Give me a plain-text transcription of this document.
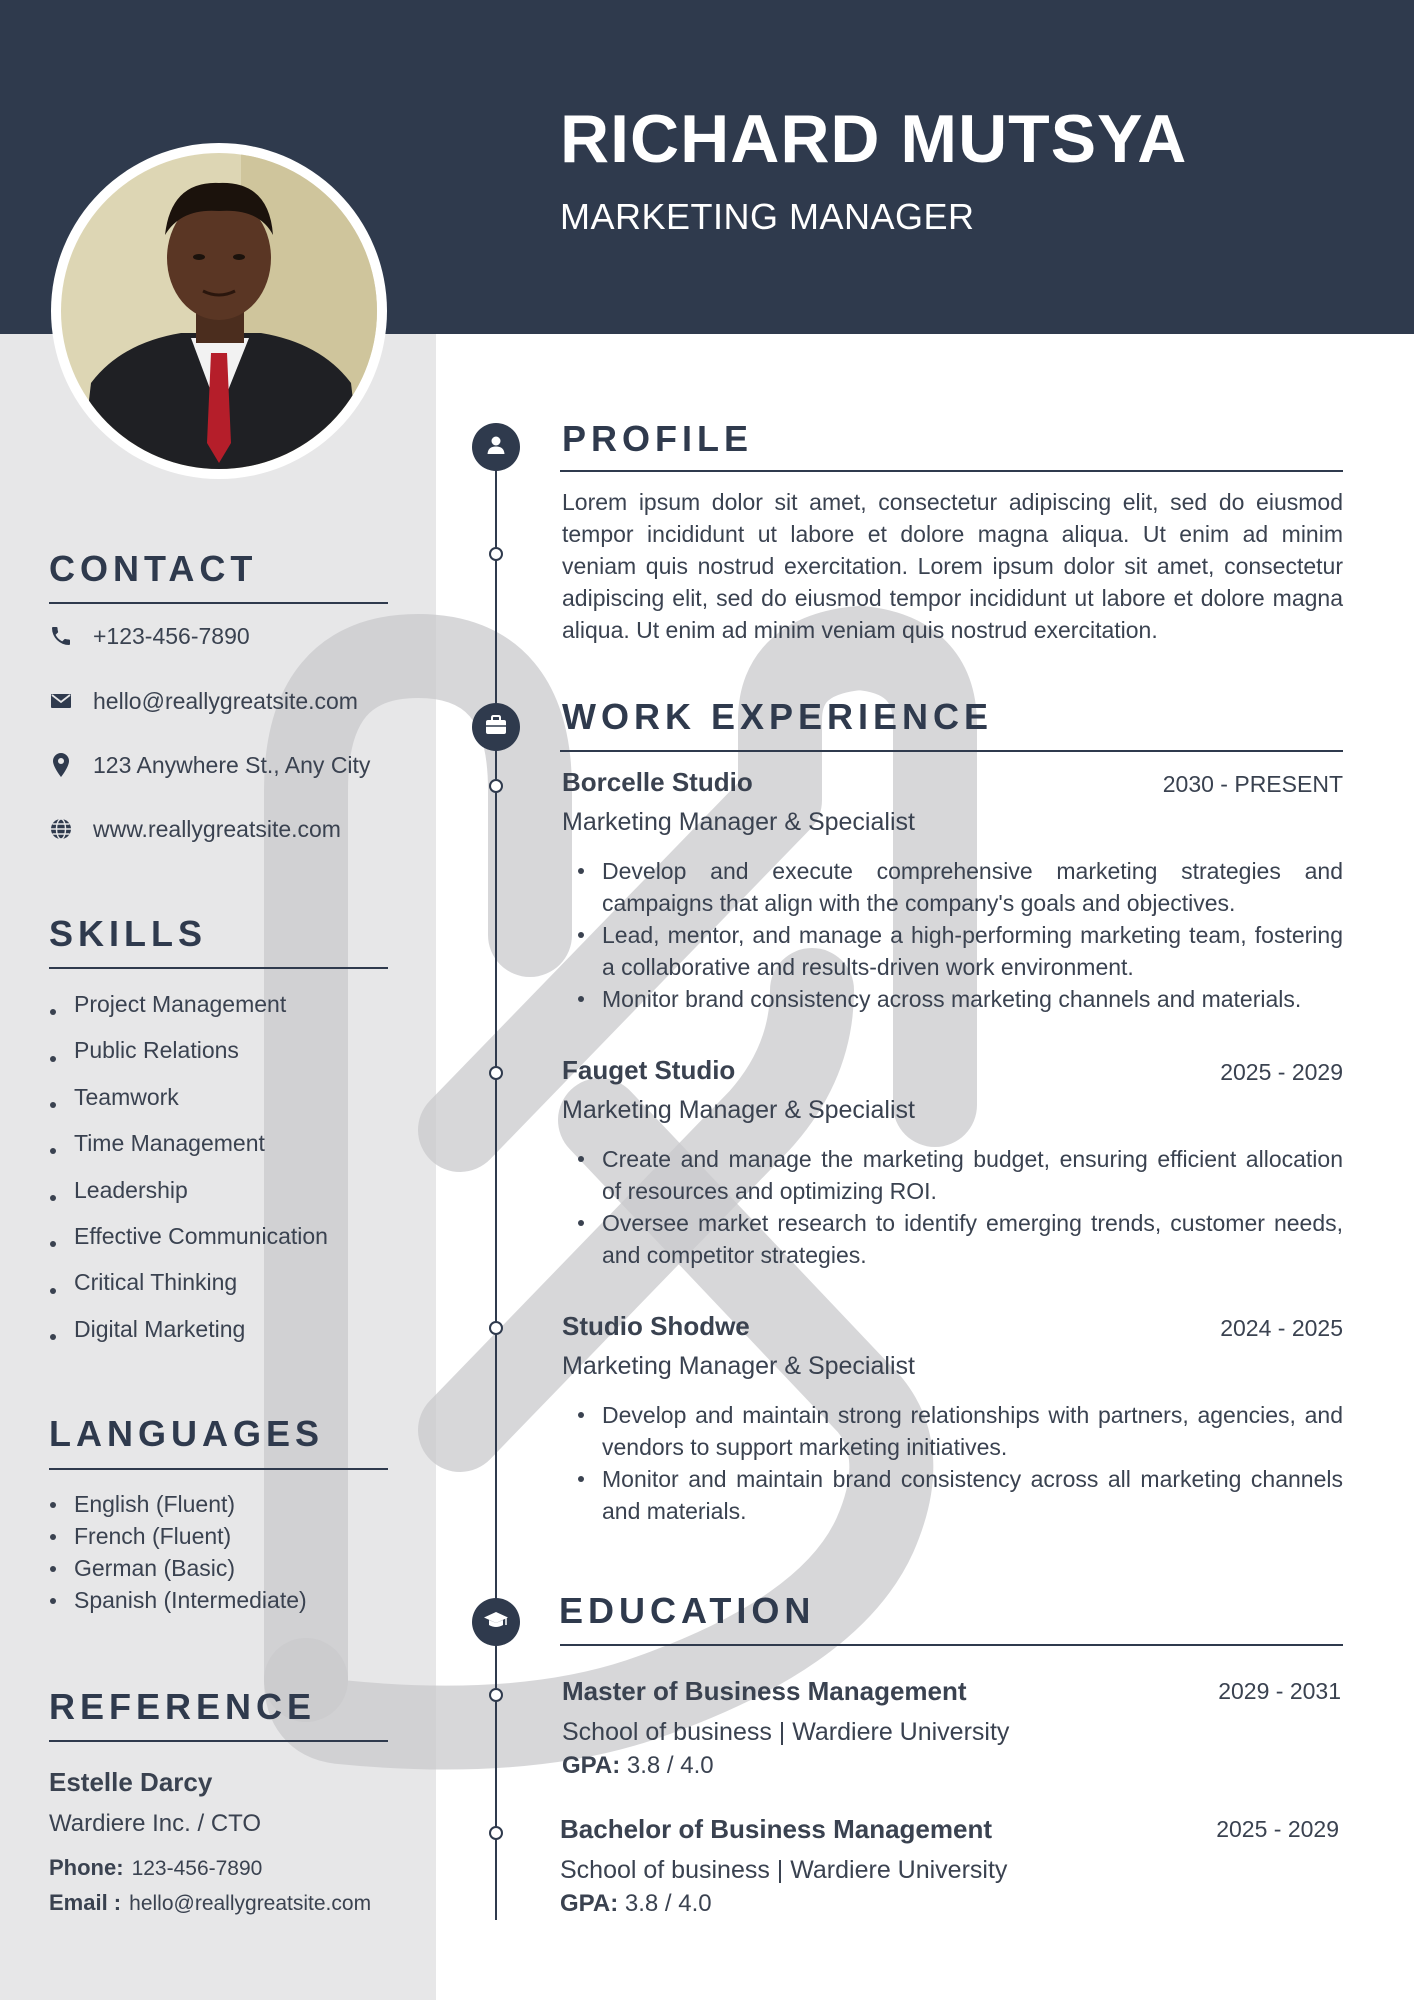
RICHARD MUTSYA
MARKETING MANAGER
CONTACT
+123-456-7890
hello@reallygreatsite.com
123 Anywhere St., Any City
www.reallygreatsite.com
SKILLS
Project Management
Public Relations
Teamwork
Time Management
Leadership
Effective Communication
Critical Thinking
Digital Marketing
LANGUAGES
English (Fluent)
French (Fluent)
German (Basic)
Spanish (Intermediate)
REFERENCE
Estelle Darcy
Wardiere Inc. / CTO
Phone: 123-456-7890
Email : hello@reallygreatsite.com
PROFILE
Lorem ipsum dolor sit amet, consectetur adipiscing elit, sed do eiusmod tempor incididunt ut labore et dolore magna aliqua. Ut enim ad minim veniam quis nostrud exercitation. Lorem ipsum dolor sit amet, consectetur adipiscing elit, sed do eiusmod tempor incididunt ut labore et dolore magna aliqua. Ut enim ad minim veniam quis nostrud exercitation.
WORK EXPERIENCE
Borcelle Studio	2030 - PRESENT
Marketing Manager & Specialist
Develop and execute comprehensive marketing strategies and campaigns that align with the company's goals and objectives.
Lead, mentor, and manage a high-performing marketing team, fostering a collaborative and results-driven work environment.
Monitor brand consistency across marketing channels and materials.
Fauget Studio	2025 - 2029
Marketing Manager & Specialist
Create and manage the marketing budget, ensuring efficient allocation of resources and optimizing ROI.
Oversee market research to identify emerging trends, customer needs, and competitor strategies.
Studio Shodwe	2024 - 2025
Marketing Manager & Specialist
Develop and maintain strong relationships with partners, agencies, and vendors to support marketing initiatives.
Monitor and maintain brand consistency across all marketing channels and materials.
EDUCATION
Master of Business Management	2029 - 2031
School of business | Wardiere University
GPA: 3.8 / 4.0
Bachelor of Business Management	2025 - 2029
School of business | Wardiere University
GPA: 3.8 / 4.0
